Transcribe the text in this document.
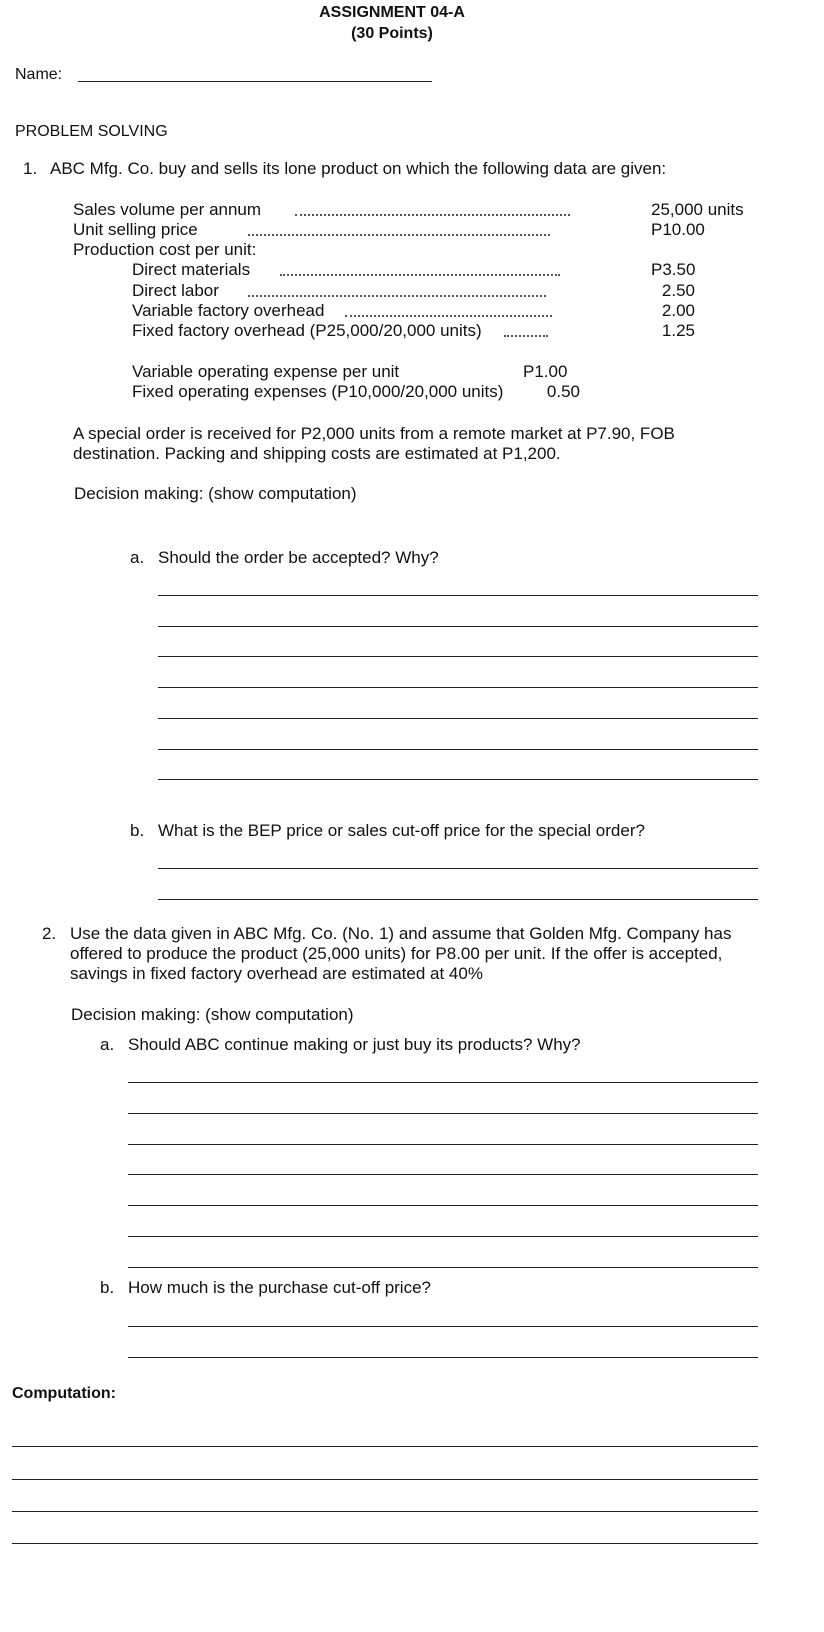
ASSIGNMENT 04-A
(30 Points)
Name:
PROBLEM SOLVING
1. ABC Mfg. Co. buy and sells its lone product on which the following data are given:
Sales volume per annum	25,000 units
Unit selling price	P10.00
Production cost per unit:
Direct materials	P3.50
Direct labor	2.50
Variable factory overhead	2.00
Fixed factory overhead (P25,000/20,000 units)	1.25
Variable operating expense per unit	P1.00
Fixed operating expenses (P10,000/20,000 units)	0.50
A special order is received for P2,000 units from a remote market at P7.90, FOB
destination. Packing and shipping costs are estimated at P1,200.
Decision making: (show computation)
a. Should the order be accepted? Why?
b. What is the BEP price or sales cut-off price for the special order?
2. Use the data given in ABC Mfg. Co. (No. 1) and assume that Golden Mfg. Company has
offered to produce the product (25,000 units) for P8.00 per unit. If the offer is accepted,
savings in fixed factory overhead are estimated at 40%
Decision making: (show computation)
a. Should ABC continue making or just buy its products? Why?
b. How much is the purchase cut-off price?
Computation:
